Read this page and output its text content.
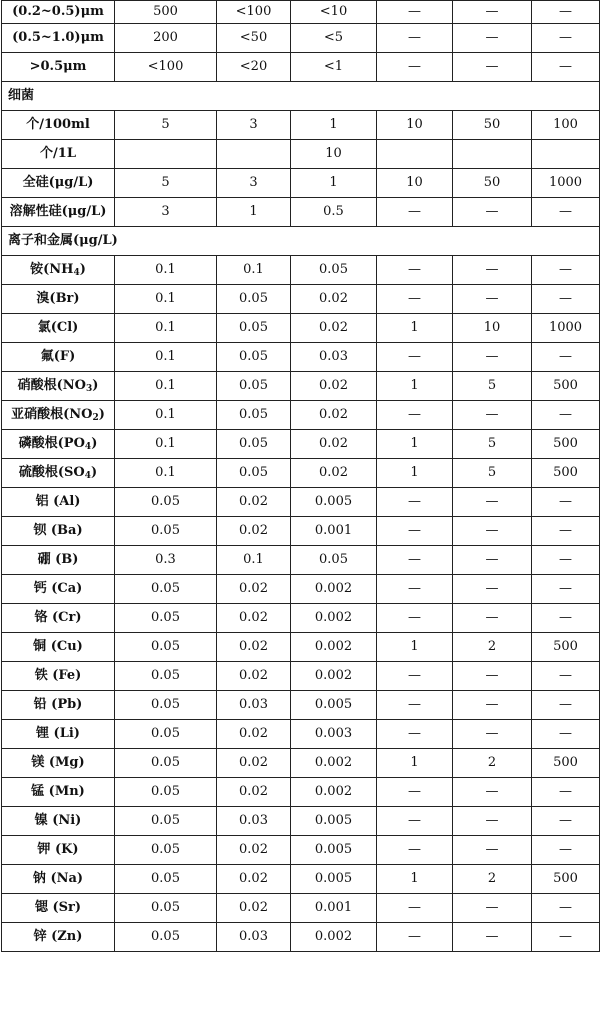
(0.2~0.5)μm	500	<100	<10	—	—	—
(0.5~1.0)μm	200	<50	<5	—	—	—
>0.5μm	<100	<20	<1	—	—	—
细菌						
个/100ml	5	3	1	10	50	100
个/1L			10			
全硅(μg/L)	5	3	1	10	50	1000
溶解性硅(μg/L)	3	1	0.5	—	—	—
离子和金属(μg/L)						
铵$(NH_4)$	0.1	0.1	0.05	—	—	—
溴(Br)	0.1	0.05	0.02	—	—	—
氯(Cl)	0.1	0.05	0.02	1	10	1000
氟(F)	0.1	0.05	0.03	—	—	—
硝酸根$(NO_3)$	0.1	0.05	0.02	1	5	500
亚硝酸根$(NO_2)$	0.1	0.05	0.02	—	—	—
磷酸根$(PO_4)$	0.1	0.05	0.02	1	5	500
硫酸根$(SO_4)$	0.1	0.05	0.02	1	5	500
铝 (Al)	0.05	0.02	0.005	—	—	—
钡 (Ba)	0.05	0.02	0.001	—	—	—
硼 (B)	0.3	0.1	0.05	—	—	—
钙 (Ca)	0.05	0.02	0.002	—	—	—
铬 (Cr)	0.05	0.02	0.002	—	—	—
铜 (Cu)	0.05	0.02	0.002	1	2	500
铁 (Fe)	0.05	0.02	0.002	—	—	—
铅 (Pb)	0.05	0.03	0.005	—	—	—
锂 (Li)	0.05	0.02	0.003	—	—	—
镁 (Mg)	0.05	0.02	0.002	1	2	500
锰 (Mn)	0.05	0.02	0.002	—	—	—
镍 (Ni)	0.05	0.03	0.005	—	—	—
钾 (K)	0.05	0.02	0.005	—	—	—
钠 (Na)	0.05	0.02	0.005	1	2	500
锶 (Sr)	0.05	0.02	0.001	—	—	—
锌 (Zn)	0.05	0.03	0.002	—	—	—
